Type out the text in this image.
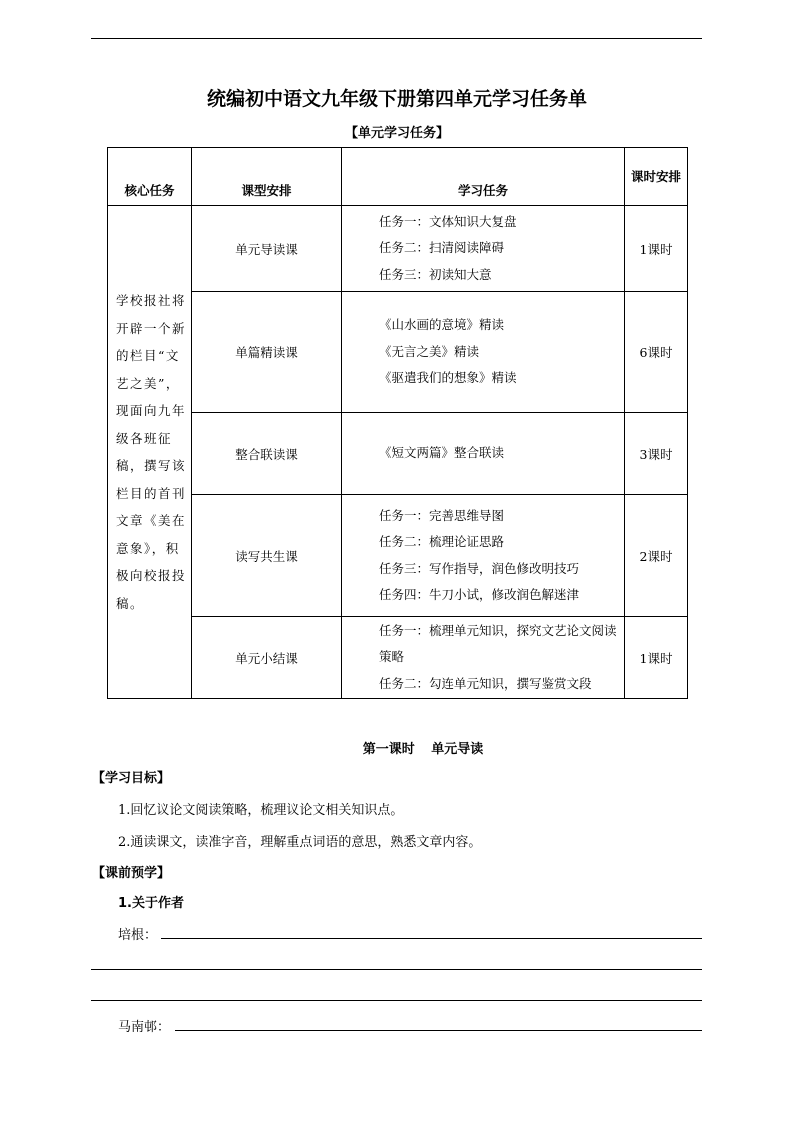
统编初中语文九年级下册第四单元学习任务单
【单元学习任务】
核心任务	课型安排	学习任务	课时安排
学校报社将开辟一个新的栏目“文艺之美”，现面向九年级各班征稿，撰写该栏目的首刊文章《美在意象》，积极向校报投稿。	单元导读课	任务一：文体知识大复盘
任务二：扫清阅读障碍
任务三：初读知大意	1课时
	单篇精读课	《山水画的意境》精读
《无言之美》精读
《驱遣我们的想象》精读	6课时
	整合联读课	《短文两篇》整合联读	3课时
	读写共生课	任务一：完善思维导图
任务二：梳理论证思路
任务三：写作指导，润色修改明技巧
任务四：牛刀小试，修改润色解迷津	2课时
	单元小结课	任务一：梳理单元知识，探究文艺论文阅读策略
任务二：勾连单元知识，撰写鉴赏文段	1课时
第一课时 单元导读
【学习目标】
1.回忆议论文阅读策略，梳理议论文相关知识点。
2.通读课文，读准字音，理解重点词语的意思，熟悉文章内容。
【课前预学】
1.关于作者
培根：
马南邨：
